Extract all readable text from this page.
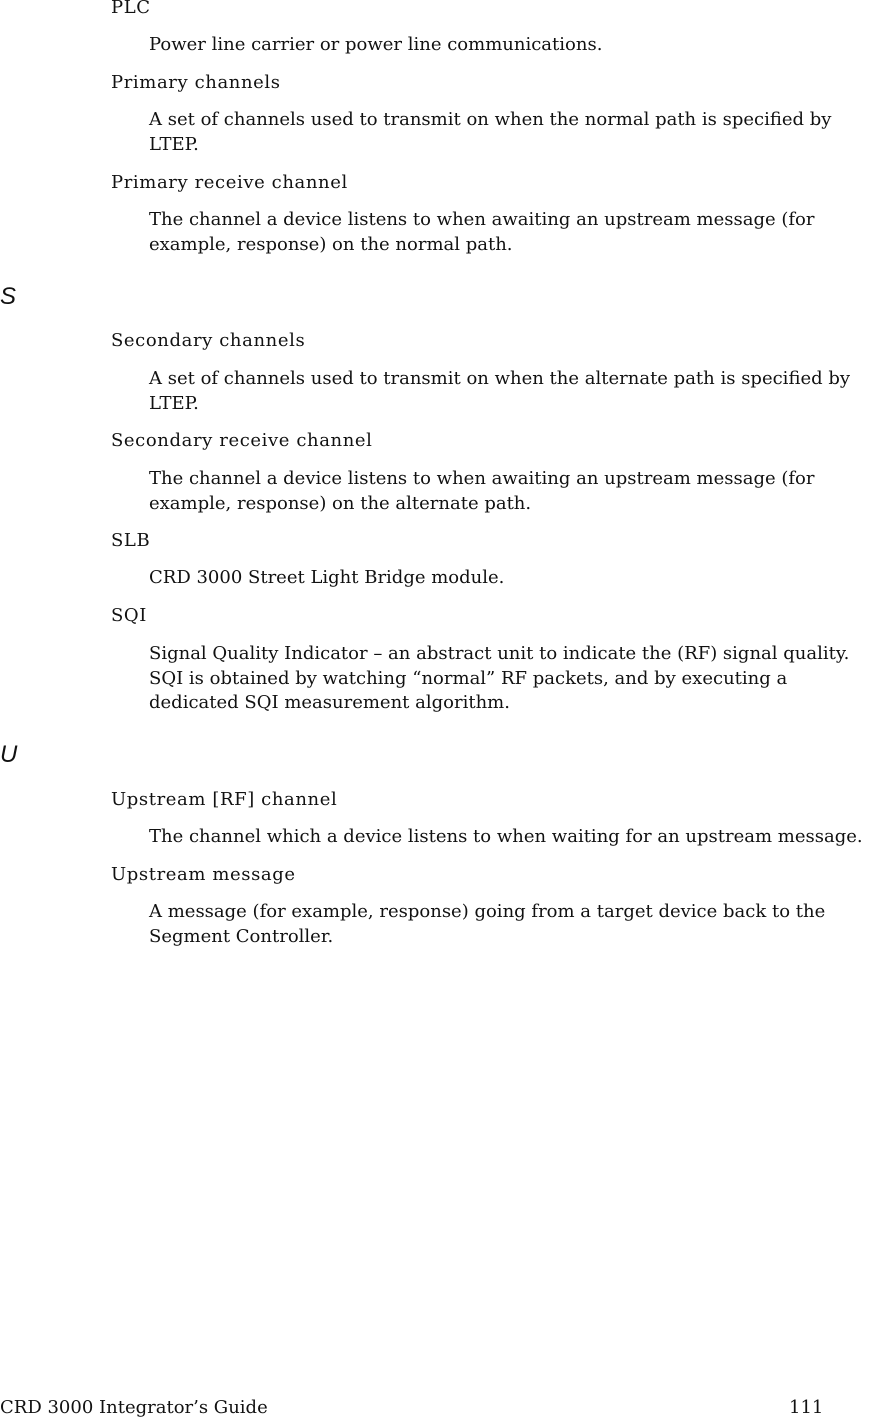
PLC
Power line carrier or power line communications.
Primary channels
A set of channels used to transmit on when the normal path is specified by
LTEP.
Primary receive channel
The channel a device listens to when awaiting an upstream message (for
example, response) on the normal path.
S
Secondary channels
A set of channels used to transmit on when the alternate path is specified by
LTEP.
Secondary receive channel
The channel a device listens to when awaiting an upstream message (for
example, response) on the alternate path.
SLB
CRD 3000 Street Light Bridge module.
SQI
Signal Quality Indicator – an abstract unit to indicate the (RF) signal quality.
SQI is obtained by watching “normal” RF packets, and by executing a
dedicated SQI measurement algorithm.
U
Upstream [RF] channel
The channel which a device listens to when waiting for an upstream message.
Upstream message
A message (for example, response) going from a target device back to the
Segment Controller.
CRD 3000 Integrator’s Guide	111
